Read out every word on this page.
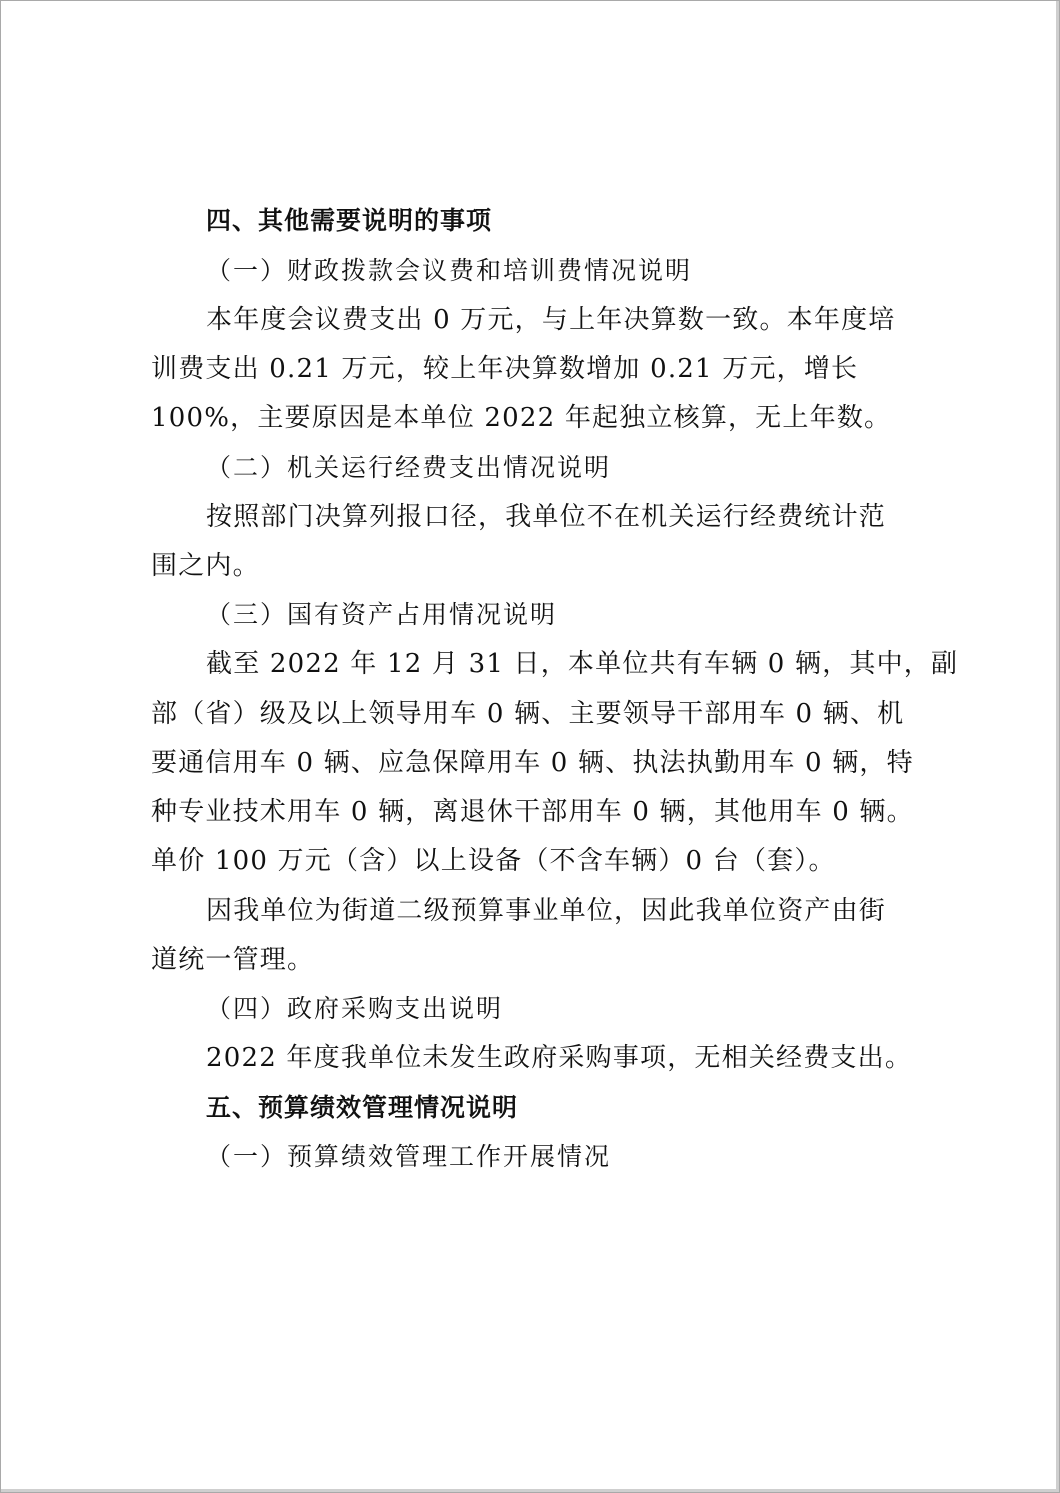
四、其他需要说明的事项
（一）财政拨款会议费和培训费情况说明
本年度会议费支出 0 万元，与上年决算数一致。本年度培
训费支出 0.21 万元，较上年决算数增加 0.21 万元，增长
100%，主要原因是本单位 2022 年起独立核算，无上年数。
（二）机关运行经费支出情况说明
按照部门决算列报口径，我单位不在机关运行经费统计范
围之内。
（三）国有资产占用情况说明
截至 2022 年 12 月 31 日，本单位共有车辆 0 辆，其中，副
部（省）级及以上领导用车 0 辆、主要领导干部用车 0 辆、机
要通信用车 0 辆、应急保障用车 0 辆、执法执勤用车 0 辆，特
种专业技术用车 0 辆，离退休干部用车 0 辆，其他用车 0 辆。
单价 100 万元（含）以上设备（不含车辆）0 台（套）。
因我单位为街道二级预算事业单位，因此我单位资产由街
道统一管理。
（四）政府采购支出说明
2022 年度我单位未发生政府采购事项，无相关经费支出。
五、预算绩效管理情况说明
（一）预算绩效管理工作开展情况
